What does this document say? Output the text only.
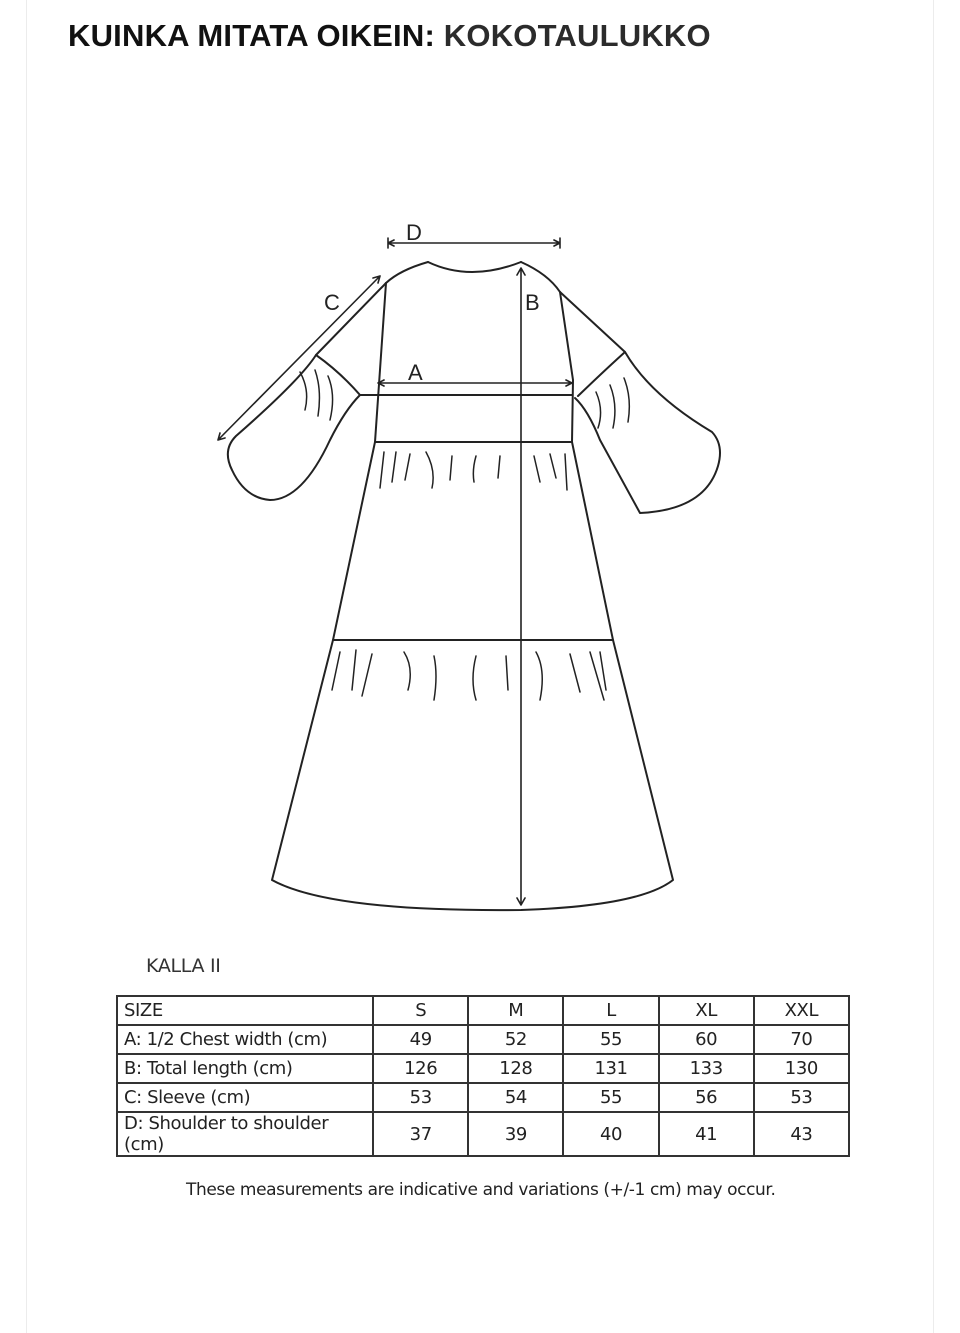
KUINKA MITATA OIKEIN: KOKOTAULUKKO
D
B
A
C
KALLA II
SIZE	S	M	L	XL	XXL
A: 1/2 Chest width (cm)	49	52	55	60	70
B: Total length (cm)	126	128	131	133	130
C: Sleeve (cm)	53	54	55	56	53
D: Shoulder to shoulder (cm)	37	39	40	41	43
These measurements are indicative and variations (+/-1 cm) may occur.
